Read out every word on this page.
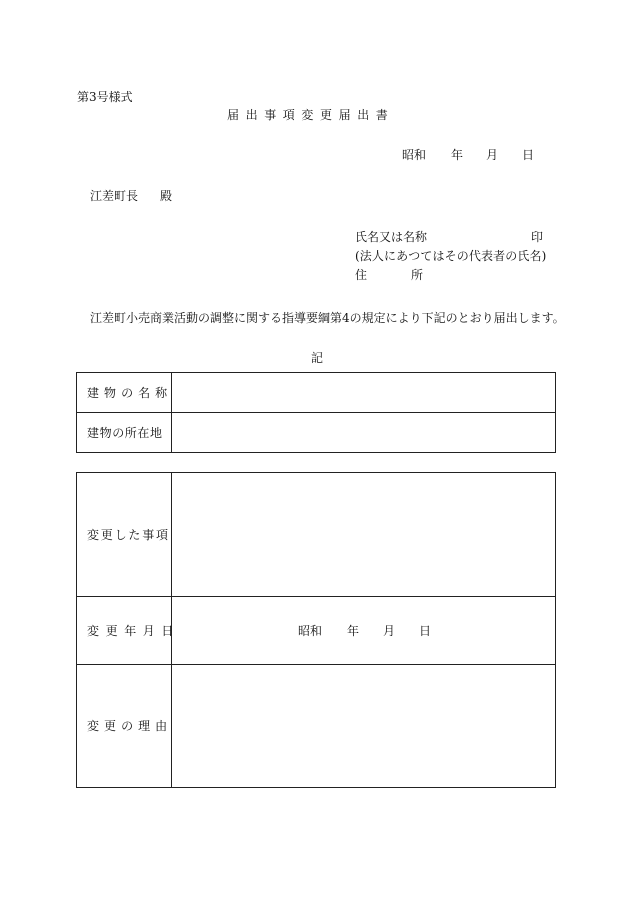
第3号様式
届出事項変更届出書
昭和 年 月 日
江差町長 殿
氏名又は名称	印
(法人にあつてはその代表者の氏名)
住	所
江差町小売商業活動の調整に関する指導要綱第4の規定により下記のとおり届出します。
記
建物の名称
建物の所在地
変更した事項
変更年月日	昭和 年 月 日
変更の理由
